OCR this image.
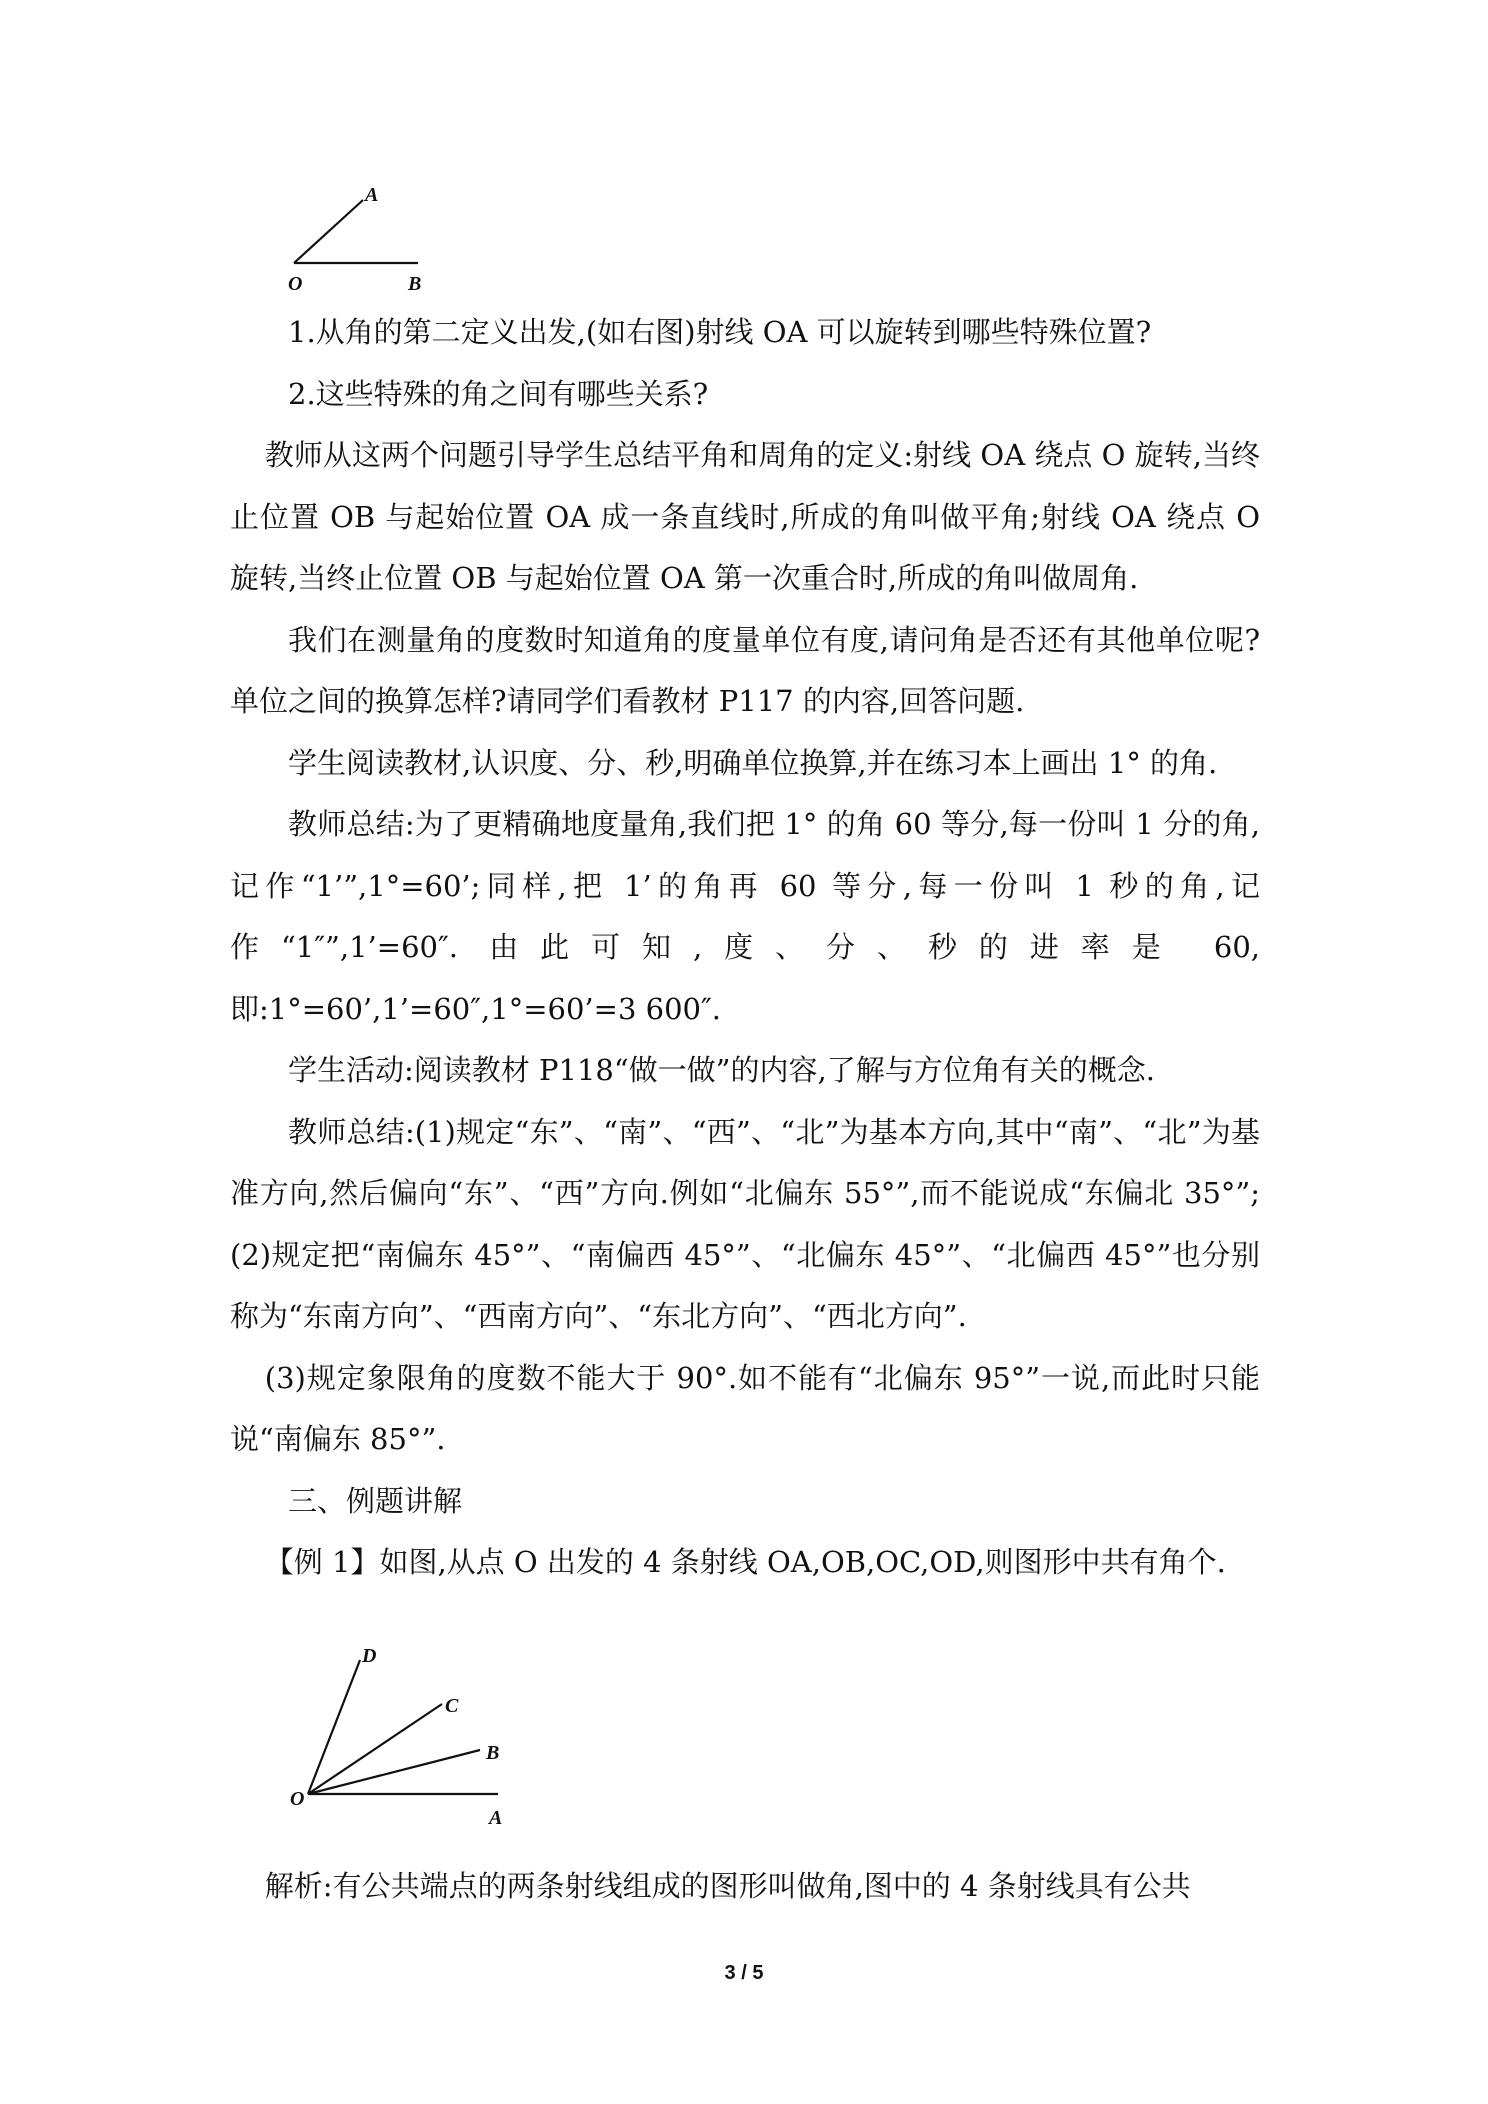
A
O	B

1.从角的第二定义出发,(如右图)射线 OA 可以旋转到哪些特殊位置?

2.这些特殊的角之间有哪些关系?

教师从这两个问题引导学生总结平角和周角的定义:射线 OA 绕点 O 旋转,当终止位置 OB 与起始位置 OA 成一条直线时,所成的角叫做平角;射线 OA 绕点 O 旋转,当终止位置 OB 与起始位置 OA 第一次重合时,所成的角叫做周角.

我们在测量角的度数时知道角的度量单位有度,请问角是否还有其他单位呢?单位之间的换算怎样?请同学们看教材 P117 的内容,回答问题.

学生阅读教材,认识度、分、秒,明确单位换算,并在练习本上画出 1° 的角.

教师总结:为了更精确地度量角,我们把 1° 的角 60 等分,每一份叫 1 分的角,记作“1’”,1°=60’;同样,把 1’的角再 60 等分,每一份叫 1 秒的角,记作“1″”,1’=60″. 由此可知,度、分、秒的进率是 60,即:1°=60’,1’=60″,1°=60’=3 600″.

学生活动:阅读教材 P118“做一做”的内容,了解与方位角有关的概念.

教师总结:(1)规定“东”、“南”、“西”、“北”为基本方向,其中“南”、“北”为基准方向,然后偏向“东”、“西”方向.例如“北偏东 55°”,而不能说成“东偏北 35°”;(2)规定把“南偏东 45°”、“南偏西 45°”、“北偏东 45°”、“北偏西 45°”也分别称为“东南方向”、“西南方向”、“东北方向”、“西北方向”.

(3)规定象限角的度数不能大于 90°.如不能有“北偏东 95°”一说,而此时只能说“南偏东 85°”.

三、例题讲解

【例 1】如图,从点 O 出发的 4 条射线 OA,OB,OC,OD,则图形中共有角个.

解析:有公共端点的两条射线组成的图形叫做角,图中的 4 条射线具有公共

D
C
B
O
A
3 / 5
